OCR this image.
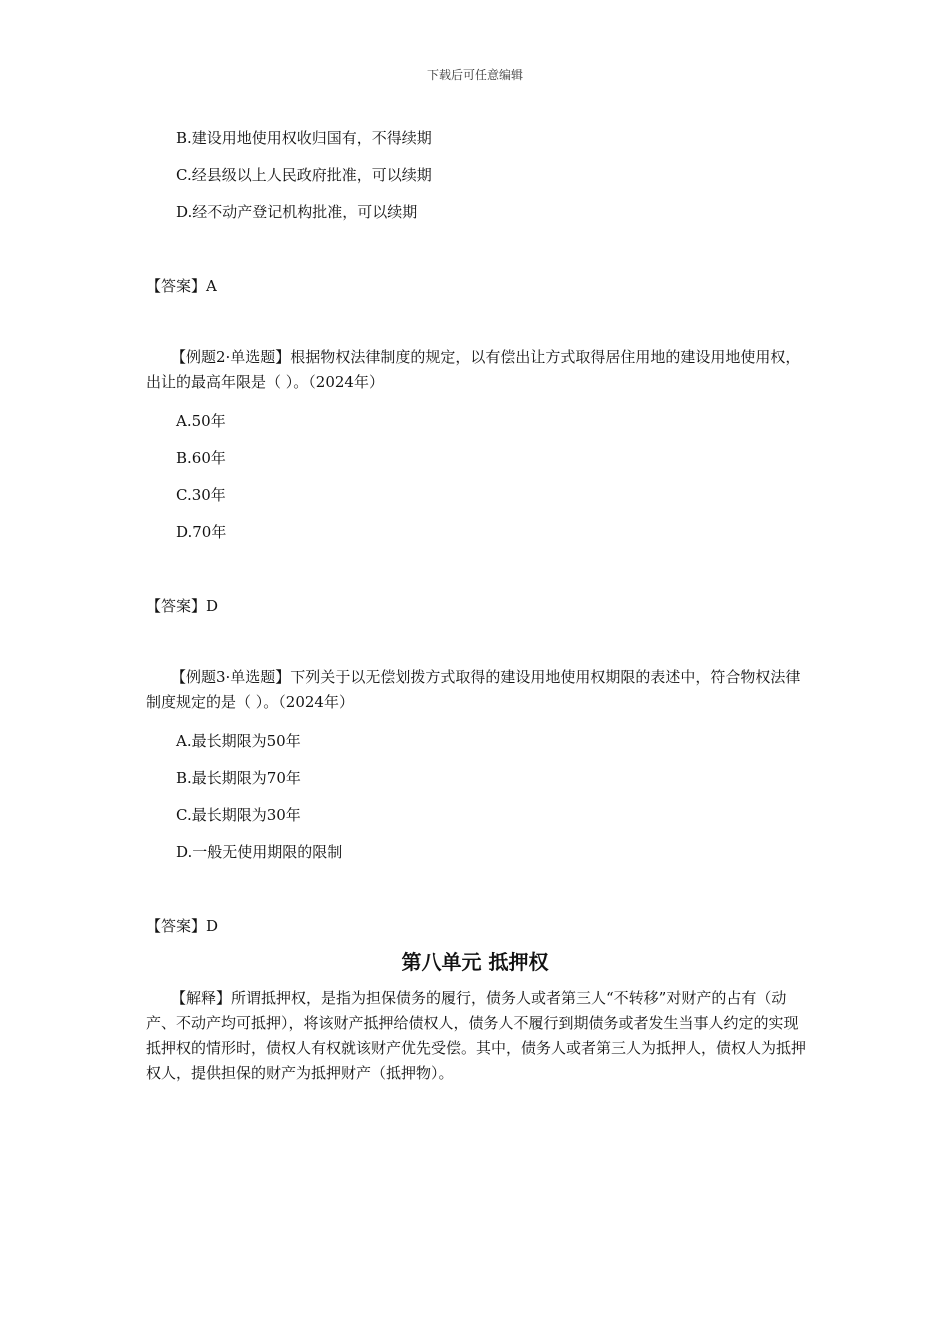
下载后可任意编辑
B.建设用地使用权收归国有，不得续期
C.经县级以上人民政府批准，可以续期
D.经不动产登记机构批准，可以续期
【答案】A
【例题2·单选题】根据物权法律制度的规定，以有偿出让方式取得居住用地的建设用地使用权，出让的最高年限是（ ）。（2024年）
A.50年
B.60年
C.30年
D.70年
【答案】D
【例题3·单选题】下列关于以无偿划拨方式取得的建设用地使用权期限的表述中，符合物权法律制度规定的是（ ）。（2024年）
A.最长期限为50年
B.最长期限为70年
C.最长期限为30年
D.一般无使用期限的限制
【答案】D
第八单元 抵押权
【解释】所谓抵押权，是指为担保债务的履行，债务人或者第三人“不转移”对财产的占有（动产、不动产均可抵押），将该财产抵押给债权人，债务人不履行到期债务或者发生当事人约定的实现抵押权的情形时，债权人有权就该财产优先受偿。其中，债务人或者第三人为抵押人，债权人为抵押权人，提供担保的财产为抵押财产（抵押物）。
